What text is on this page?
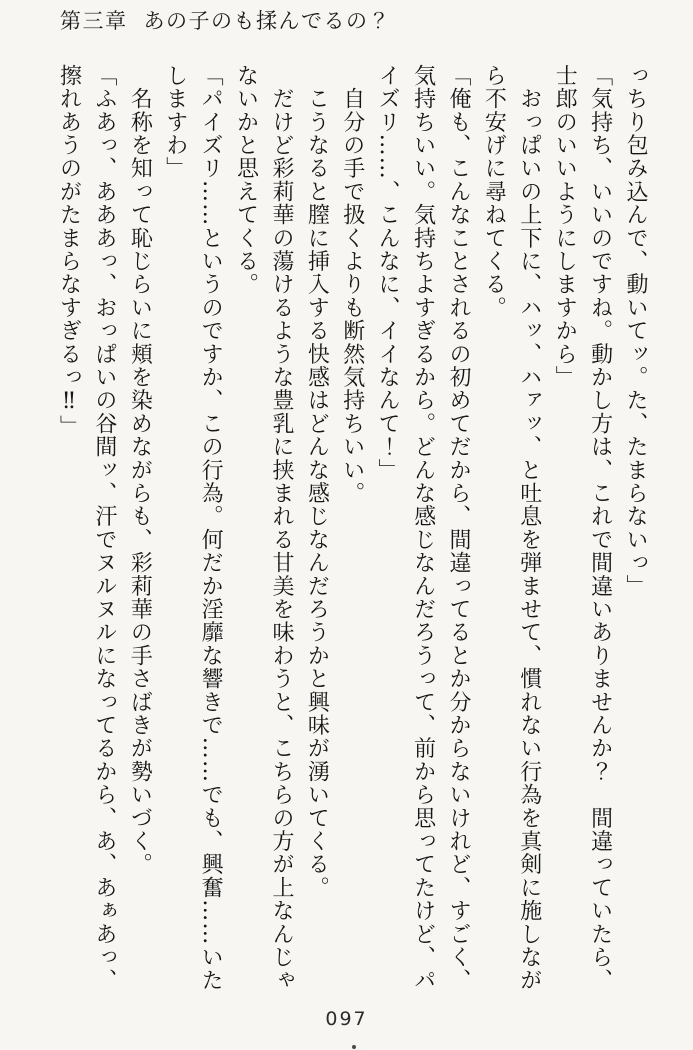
第三章 あの子のも揉んでるの？
っちり包み込んで、動いてッ。た、たまらないっ」
「気持ち、いいのですね。動かし方は、これで間違いありませんか？　間違っていたら、
士郎のいいようにしますから」
　おっぱいの上下に、ハッ、ハァッ、と吐息を弾ませて、慣れない行為を真剣に施しなが
ら不安げに尋ねてくる。
「俺も、こんなことされるの初めてだから、間違ってるとか分からないけれど、すごく、
気持ちいい。気持ちよすぎるから。どんな感じなんだろうって、前から思ってたけど、パ
イズリ……、こんなに、イイなんて！」
　自分の手で扱くよりも断然気持ちいい。
　こうなると膣に挿入する快感はどんな感じなんだろうかと興味が湧いてくる。
　だけど彩莉華の蕩けるような豊乳に挟まれる甘美を味わうと、こちらの方が上なんじゃ
ないかと思えてくる。
「パイズリ……というのですか、この行為。何だか淫靡な響きで……でも、興奮……いた
しますわ」
　名称を知って恥じらいに頬を染めながらも、彩莉華の手さばきが勢いづく。
「ふあっ、あああっ、おっぱいの谷間ッ、汗でヌルヌルになってるから、あ、あぁあっ、
擦れあうのがたまらなすぎるっ‼」
097
